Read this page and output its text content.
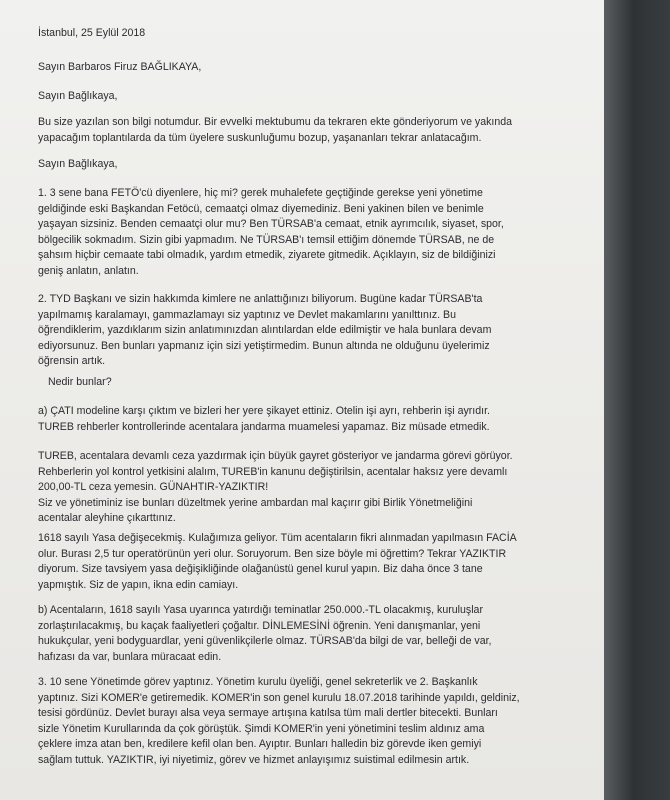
İstanbul, 25 Eylül 2018

Sayın Barbaros Firuz BAĞLIKAYA,

Sayın Bağlıkaya,

Bu size yazılan son bilgi notumdur. Bir evvelki mektubumu da tekraren ekte gönderiyorum ve yakında
yapacağım toplantılarda da tüm üyelere suskunluğumu bozup, yaşananları tekrar anlatacağım.

Sayın Bağlıkaya,

1. 3 sene bana FETÖ'cü diyenlere, hiç mi? gerek muhalefete geçtiğinde gerekse yeni yönetime
geldiğinde eski Başkandan Fetöcü, cemaatçi olmaz diyemediniz. Beni yakinen bilen ve benimle
yaşayan sizsiniz. Benden cemaatçi olur mu? Ben TÜRSAB'a cemaat, etnik ayrımcılık, siyaset, spor,
bölgecilik sokmadım. Sizin gibi yapmadım. Ne TÜRSAB'ı temsil ettiğim dönemde TÜRSAB, ne de
şahsım hiçbir cemaate tabi olmadık, yardım etmedik, ziyarete gitmedik. Açıklayın, siz de bildiğinizi
geniş anlatın, anlatın.

2. TYD Başkanı ve sizin hakkımda kimlere ne anlattığınızı biliyorum. Bugüne kadar TÜRSAB'ta
yapılmamış karalamayı, gammazlamayı siz yaptınız ve Devlet makamlarını yanılttınız. Bu
öğrendiklerim, yazdıklarım sizin anlatımınızdan alıntılardan elde edilmiştir ve hala bunlara devam
ediyorsunuz. Ben bunları yapmanız için sizi yetiştirmedim. Bunun altında ne olduğunu üyelerimiz
öğrensin artık.

Nedir bunlar?

a) ÇATI modeline karşı çıktım ve bizleri her yere şikayet ettiniz. Otelin işi ayrı, rehberin işi ayrıdır.
TUREB rehberler kontrollerinde acentalara jandarma muamelesi yapamaz. Biz müsade etmedik.

TUREB, acentalara devamlı ceza yazdırmak için büyük gayret gösteriyor ve jandarma görevi görüyor.
Rehberlerin yol kontrol yetkisini alalım, TUREB'in kanunu değiştirilsin, acentalar haksız yere devamlı
200,00-TL ceza yemesin. GÜNAHTIR-YAZIKTIR!
Siz ve yönetiminiz ise bunları düzeltmek yerine ambardan mal kaçırır gibi Birlik Yönetmeliğini
acentalar aleyhine çıkarttınız.

1618 sayılı Yasa değişecekmiş. Kulağımıza geliyor. Tüm acentaların fikri alınmadan yapılmasın FACİA
olur. Burası 2,5 tur operatörünün yeri olur. Soruyorum. Ben size böyle mi öğrettim? Tekrar YAZIKTIR
diyorum. Size tavsiyem yasa değişikliğinde olağanüstü genel kurul yapın. Biz daha önce 3 tane
yapmıştık. Siz de yapın, ikna edin camiayı.

b) Acentaların, 1618 sayılı Yasa uyarınca yatırdığı teminatlar 250.000.-TL olacakmış, kuruluşlar
zorlaştırılacakmış, bu kaçak faaliyetleri çoğaltır. DİNLEMESİNİ öğrenin. Yeni danışmanlar, yeni
hukukçular, yeni bodyguardlar, yeni güvenlikçilerle olmaz. TÜRSAB'da bilgi de var, belleği de var,
hafızası da var, bunlara müracaat edin.

3. 10 sene Yönetimde görev yaptınız. Yönetim kurulu üyeliği, genel sekreterlik ve 2. Başkanlık
yaptınız. Sizi KOMER'e getiremedik. KOMER'in son genel kurulu 18.07.2018 tarihinde yapıldı, geldiniz,
tesisi gördünüz. Devlet burayı alsa veya sermaye artışına katılsa tüm mali dertler bitecekti. Bunları
sizle Yönetim Kurullarında da çok görüştük. Şimdi KOMER'in yeni yönetimini teslim aldınız ama
çeklere imza atan ben, kredilere kefil olan ben. Ayıptır. Bunları halledin biz görevde iken gemiyi
sağlam tuttuk. YAZIKTIR, iyi niyetimiz, görev ve hizmet anlayışımız suistimal edilmesin artık.
